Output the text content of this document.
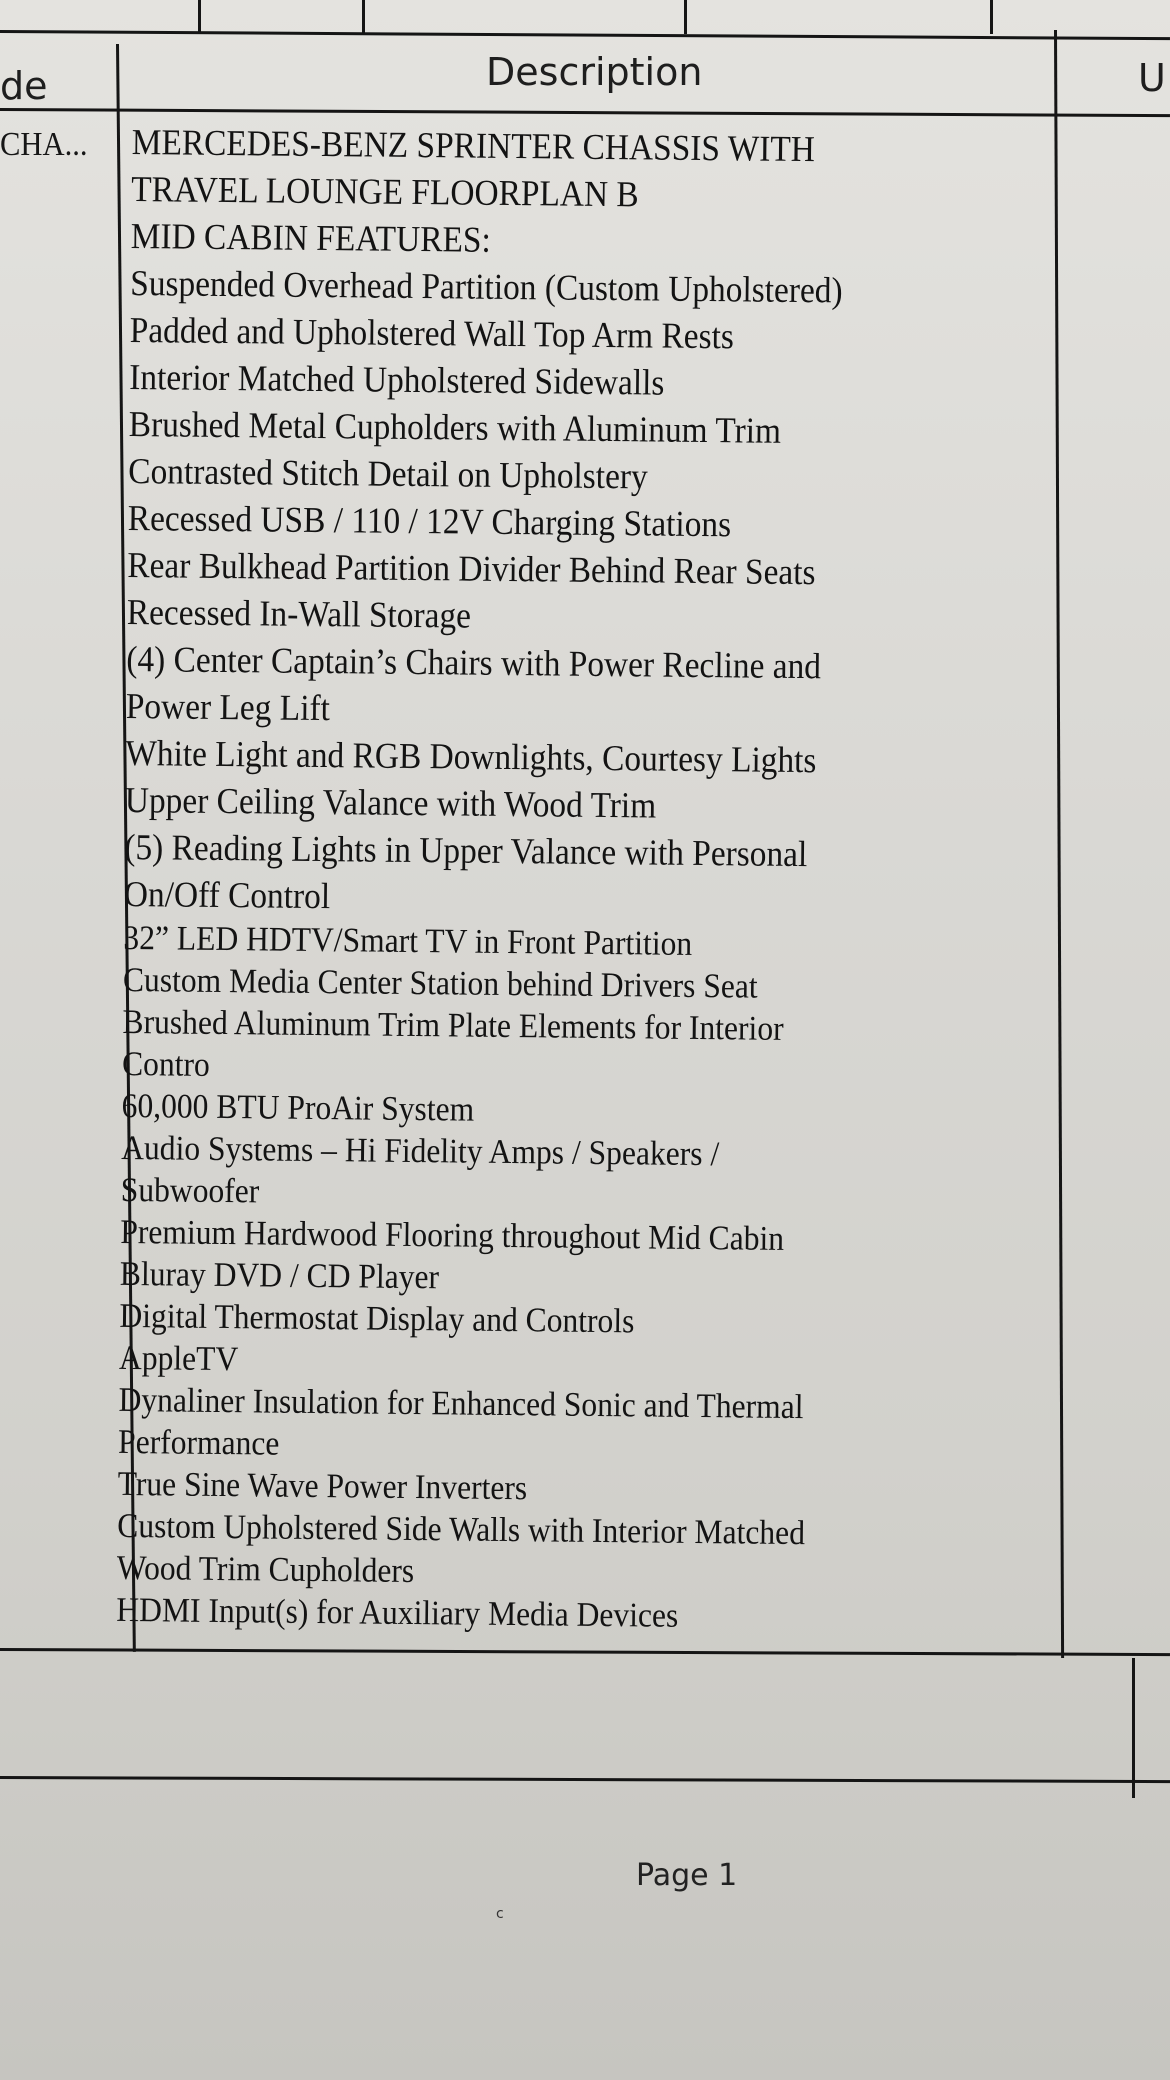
de	Description	U
CHA... MERCEDES-BENZ SPRINTER CHASSIS WITH
TRAVEL LOUNGE FLOORPLAN B
MID CABIN FEATURES:
Suspended Overhead Partition (Custom Upholstered)
Padded and Upholstered Wall Top Arm Rests
Interior Matched Upholstered Sidewalls
Brushed Metal Cupholders with Aluminum Trim
Contrasted Stitch Detail on Upholstery
Recessed USB / 110 / 12V Charging Stations
Rear Bulkhead Partition Divider Behind Rear Seats
Recessed In-Wall Storage
(4) Center Captain’s Chairs with Power Recline and
Power Leg Lift
White Light and RGB Downlights, Courtesy Lights
Upper Ceiling Valance with Wood Trim
(5) Reading Lights in Upper Valance with Personal
On/Off Control
32” LED HDTV/Smart TV in Front Partition
Custom Media Center Station behind Drivers Seat
Brushed Aluminum Trim Plate Elements for Interior
Contro
60,000 BTU ProAir System
Audio Systems – Hi Fidelity Amps / Speakers /
Subwoofer
Premium Hardwood Flooring throughout Mid Cabin
Bluray DVD / CD Player
Digital Thermostat Display and Controls
AppleTV
Dynaliner Insulation for Enhanced Sonic and Thermal
Performance
True Sine Wave Power Inverters
Custom Upholstered Side Walls with Interior Matched
Wood Trim Cupholders
HDMI Input(s) for Auxiliary Media Devices
Page 1
c
